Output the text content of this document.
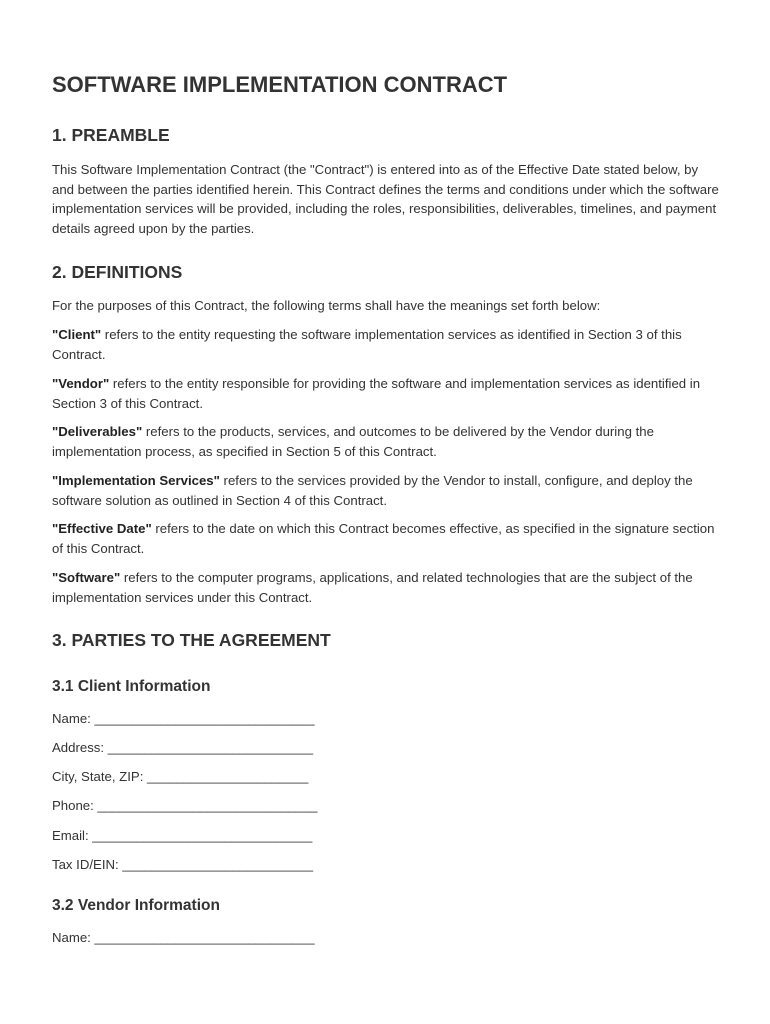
SOFTWARE IMPLEMENTATION CONTRACT
1. PREAMBLE

This Software Implementation Contract (the "Contract") is entered into as of the Effective Date stated below, by and between the parties identified herein. This Contract defines the terms and conditions under which the software implementation services will be provided, including the roles, responsibilities, deliverables, timelines, and payment details agreed upon by the parties.

2. DEFINITIONS

For the purposes of this Contract, the following terms shall have the meanings set forth below:

"Client" refers to the entity requesting the software implementation services as identified in Section 3 of this Contract.

"Vendor" refers to the entity responsible for providing the software and implementation services as identified in Section 3 of this Contract.

"Deliverables" refers to the products, services, and outcomes to be delivered by the Vendor during the implementation process, as specified in Section 5 of this Contract.

"Implementation Services" refers to the services provided by the Vendor to install, configure, and deploy the software solution as outlined in Section 4 of this Contract.

"Effective Date" refers to the date on which this Contract becomes effective, as specified in the signature section of this Contract.

"Software" refers to the computer programs, applications, and related technologies that are the subject of the implementation services under this Contract.

3. PARTIES TO THE AGREEMENT
3.1 Client Information

Name: ______________________________

Address: ____________________________

City, State, ZIP: ______________________

Phone: ______________________________

Email: ______________________________

Tax ID/EIN: __________________________

3.2 Vendor Information

Name: ______________________________
